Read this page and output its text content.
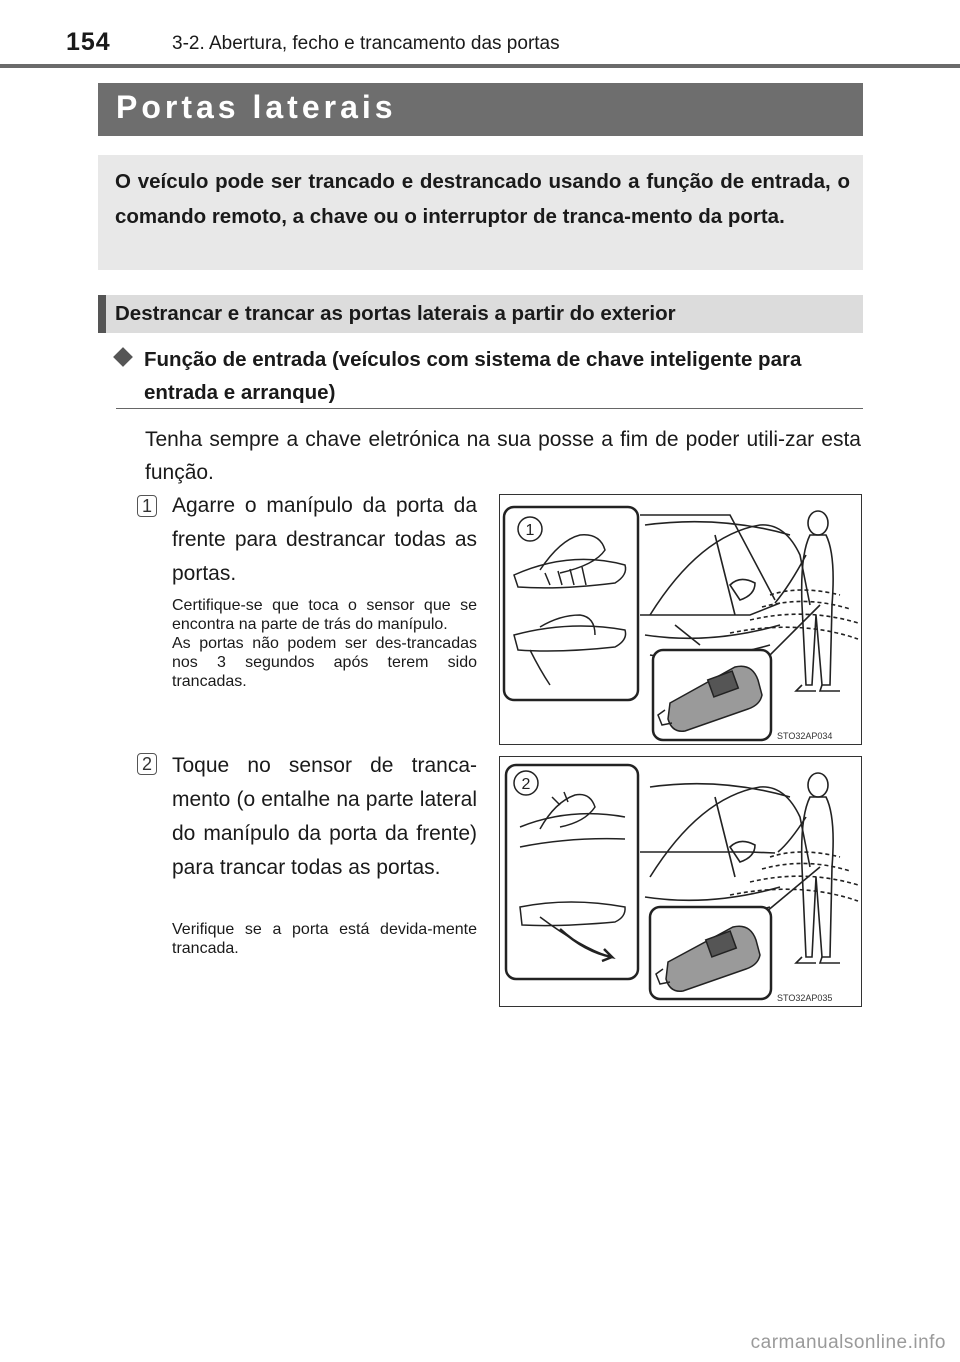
154	3-2. Abertura, fecho e trancamento das portas
Portas laterais
O veículo pode ser trancado e destrancado usando a função de entrada, o comando remoto, a chave ou o interruptor de tranca-mento da porta.
Destrancar e trancar as portas laterais a partir do exterior
Função de entrada (veículos com sistema de chave inteligente para entrada e arranque)
Tenha sempre a chave eletrónica na sua posse a fim de poder utili-zar esta função.
1 Agarre o manípulo da porta da frente para destrancar todas as portas.

Certifique-se que toca o sensor que se encontra na parte de trás do manípulo.

As portas não podem ser des-trancadas nos 3 segundos após terem sido trancadas.

1
STO32AP034
2 Toque no sensor de tranca-mento (o entalhe na parte lateral do manípulo da porta da frente) para trancar todas as portas.

Verifique se a porta está devida-mente trancada.

2
STO32AP035
carmanualsonline.info
